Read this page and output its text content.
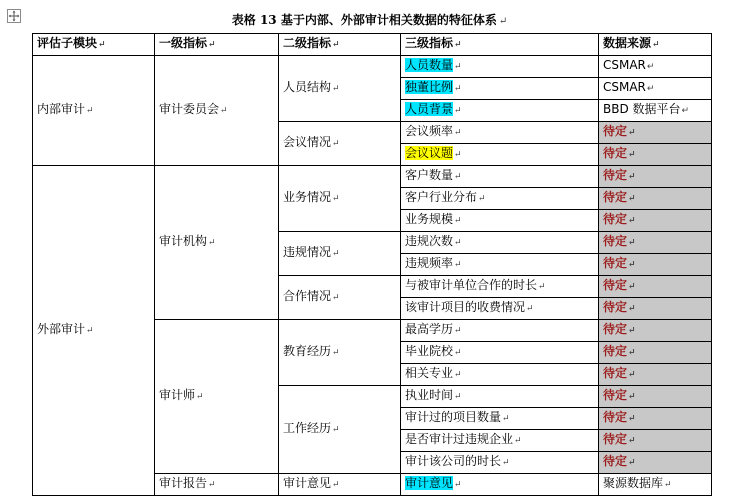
表格 13 基于内部、外部审计相关数据的特征体系 ↵
评估子模块↵	一级指标↵	二级指标↵	三级指标↵	数据来源↵
内部审计↵	审计委员会↵	人员结构↵	人员数量↵	CSMAR↵
			独董比例↵	CSMAR↵
			人员背景↵	BBD 数据平台↵
		会议情况↵	会议频率↵	待定↵
			会议议题↵	待定↵
外部审计↵	审计机构↵	业务情况↵	客户数量↵	待定↵
			客户行业分布↵	待定↵
			业务规模↵	待定↵
		违规情况↵	违规次数↵	待定↵
			违规频率↵	待定↵
		合作情况↵	与被审计单位合作的时长↵	待定↵
			该审计项目的收费情况↵	待定↵
	审计师↵	教育经历↵	最高学历↵	待定↵
			毕业院校↵	待定↵
			相关专业↵	待定↵
		工作经历↵	执业时间↵	待定↵
			审计过的项目数量↵	待定↵
			是否审计过违规企业↵	待定↵
			审计该公司的时长↵	待定↵
	审计报告↵	审计意见↵	审计意见↵	聚源数据库↵
